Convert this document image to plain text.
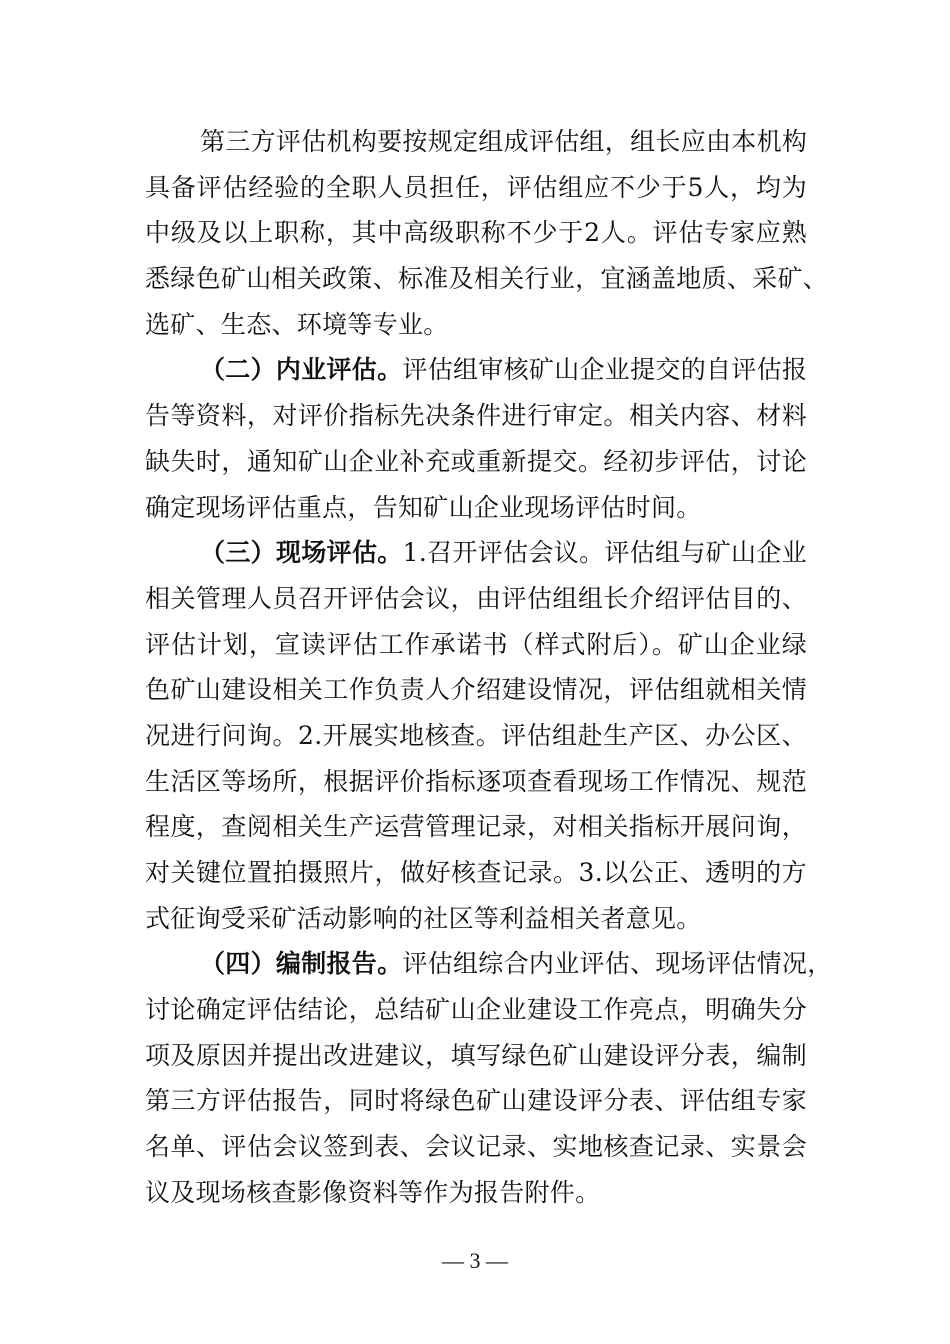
第三方评估机构要按规定组成评估组，组长应由本机构
具备评估经验的全职人员担任，评估组应不少于5人，均为
中级及以上职称，其中高级职称不少于2人。评估专家应熟
悉绿色矿山相关政策、标准及相关行业，宜涵盖地质、采矿、
选矿、生态、环境等专业。
（二）内业评估。评估组审核矿山企业提交的自评估报
告等资料，对评价指标先决条件进行审定。相关内容、材料
缺失时，通知矿山企业补充或重新提交。经初步评估，讨论
确定现场评估重点，告知矿山企业现场评估时间。
（三）现场评估。1.召开评估会议。评估组与矿山企业
相关管理人员召开评估会议，由评估组组长介绍评估目的、
评估计划，宣读评估工作承诺书（样式附后）。矿山企业绿
色矿山建设相关工作负责人介绍建设情况，评估组就相关情
况进行问询。2.开展实地核查。评估组赴生产区、办公区、
生活区等场所，根据评价指标逐项查看现场工作情况、规范
程度，查阅相关生产运营管理记录，对相关指标开展问询，
对关键位置拍摄照片，做好核查记录。3.以公正、透明的方
式征询受采矿活动影响的社区等利益相关者意见。
（四）编制报告。评估组综合内业评估、现场评估情况，
讨论确定评估结论，总结矿山企业建设工作亮点，明确失分
项及原因并提出改进建议，填写绿色矿山建设评分表，编制
第三方评估报告，同时将绿色矿山建设评分表、评估组专家
名单、评估会议签到表、会议记录、实地核查记录、实景会
议及现场核查影像资料等作为报告附件。
— 3 —
